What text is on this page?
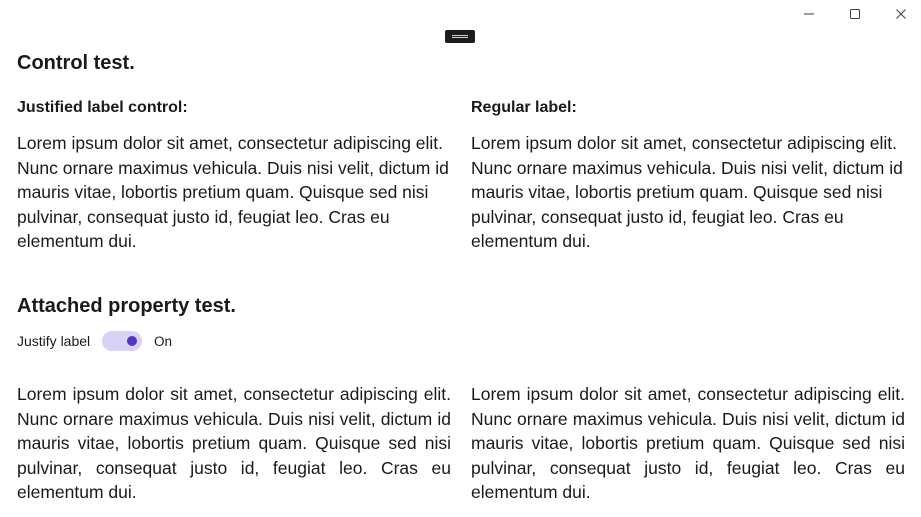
Control test.
Justified label control:	Regular label:

Lorem ipsum dolor sit amet, consectetur adipiscing elit. Nunc ornare maximus vehicula. Duis nisi velit, dictum id mauris vitae, lobortis pretium quam. Quisque sed nisi pulvinar, consequat justo id, feugiat leo. Cras eu elementum dui.

Lorem ipsum dolor sit amet, consectetur adipiscing elit. Nunc ornare maximus vehicula. Duis nisi velit, dictum id mauris vitae, lobortis pretium quam. Quisque sed nisi pulvinar, consequat justo id, feugiat leo. Cras eu elementum dui.

Attached property test.
Justify label	On

Lorem ipsum dolor sit amet, consectetur adipiscing elit. Nunc ornare maximus vehicula. Duis nisi velit, dictum id mauris vitae, lobortis pretium quam. Quisque sed nisi pulvinar, consequat justo id, feugiat leo. Cras eu elementum dui.

Lorem ipsum dolor sit amet, consectetur adipiscing elit. Nunc ornare maximus vehicula. Duis nisi velit, dictum id mauris vitae, lobortis pretium quam. Quisque sed nisi pulvinar, consequat justo id, feugiat leo. Cras eu elementum dui.
